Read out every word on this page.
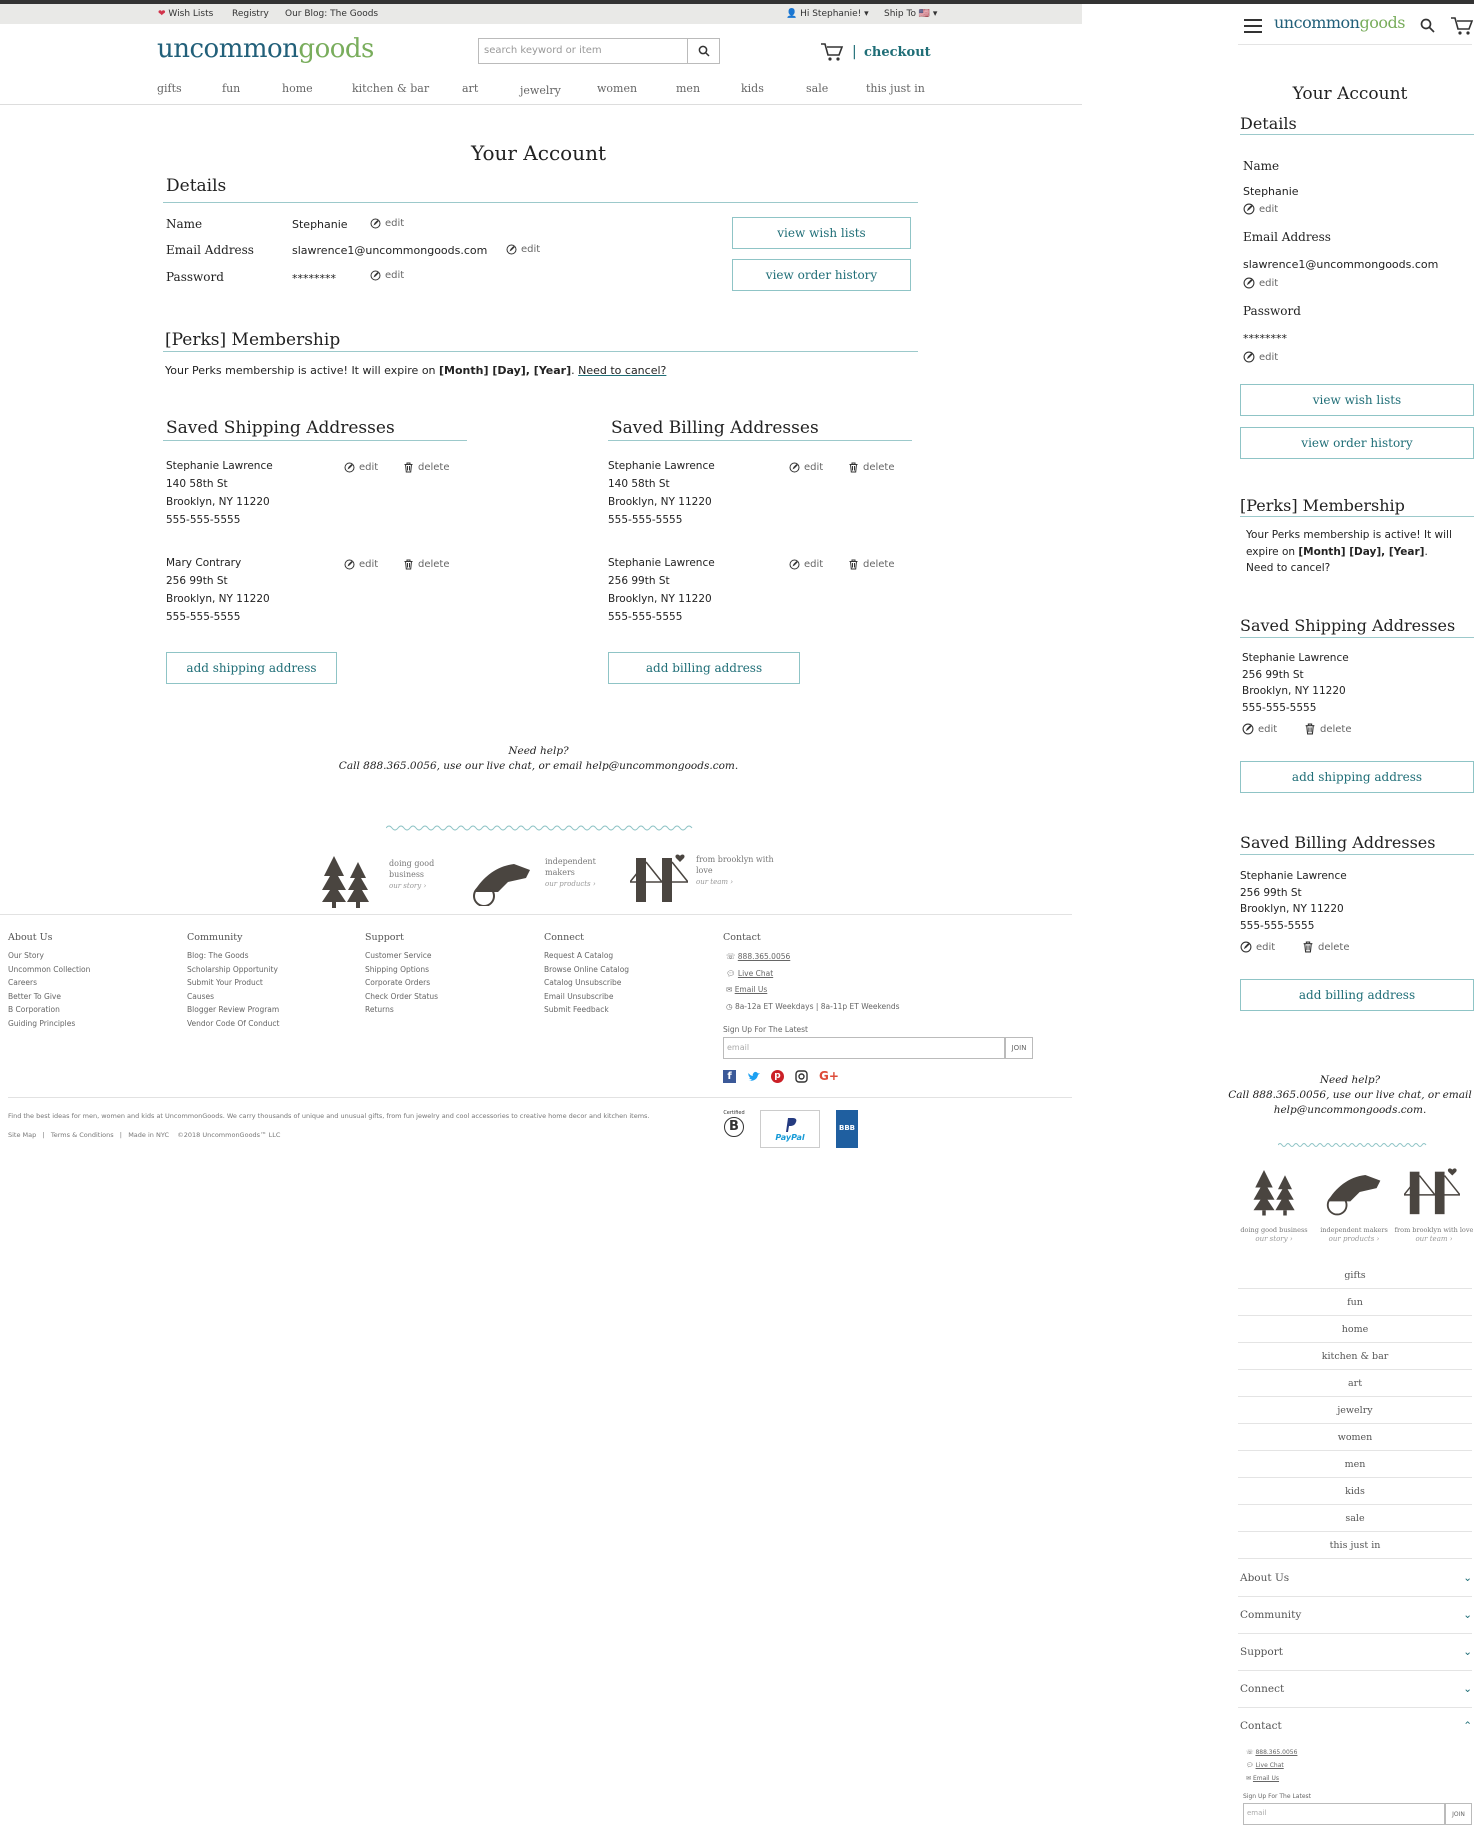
❤ Wish Lists Registry Our Blog: The Goods	👤 Hi Stephanie! ▾ Ship To 🇺🇸 ▾
uncommongoods	search keyword or item	| checkout
gifts	fun	home	kitchen & bar	art	jewelry	women	men	kids	sale	this just in
Your Account
Details
Name	Stephanie	edit
Email Address	slawrence1@uncommongoods.com	edit
Password	********	edit
view wish lists
view order history
[Perks] Membership
Your Perks membership is active! It will expire on [Month] [Day], [Year]. Need to cancel?
Saved Shipping Addresses	Saved Billing Addresses
Stephanie Lawrence
140 58th St
Brooklyn, NY 11220
555-555-5555
edit	delete
Mary Contrary
256 99th St
Brooklyn, NY 11220
555-555-5555
edit	delete
Stephanie Lawrence
140 58th St
Brooklyn, NY 11220
555-555-5555
edit	delete
Stephanie Lawrence
256 99th St
Brooklyn, NY 11220
555-555-5555
edit	delete
add shipping address	add billing address
Need help?
Call 888.365.0056, use our live chat, or email help@uncommongoods.com.
doing good business
our story ›
independent makers
our products ›
from brooklyn with love
our team ›
About Us
Our Story
Uncommon Collection
Careers
Better To Give
B Corporation
Guiding Principles
Community
Blog: The Goods
Scholarship Opportunity
Submit Your Product
Causes
Blogger Review Program
Vendor Code Of Conduct
Support
Customer Service
Shipping Options
Corporate Orders
Check Order Status
Returns
Connect
Request A Catalog
Browse Online Catalog
Catalog Unsubscribe
Email Unsubscribe
Submit Feedback
Contact
☏ 888.365.0056
💬︎ Live Chat
✉ Email Us
◷ 8a-12a ET Weekdays | 8a-11p ET Weekends
Sign Up For The Latest
email	JOIN
f	p	G+
Find the best ideas for men, women and kids at UncommonGoods. We carry thousands of unique and unusual gifts, from fun jewelry and cool accessories to creative home decor and kitchen items.
Site Map   |   Terms & Conditions   |   Made in NYC ©2018 UncommonGoods™ LLC
Certified
B
PayPal
BBB
uncommongoods
Your Account
Details
Name
Stephanie
edit
Email Address
slawrence1@uncommongoods.com
edit
Password
********
edit
view wish lists
view order history
[Perks] Membership
Your Perks membership is active! It will expire on [Month] [Day], [Year]. Need to cancel?
Saved Shipping Addresses
Stephanie Lawrence
256 99th St
Brooklyn, NY 11220
555-555-5555
edit	delete
add shipping address
Saved Billing Addresses
Stephanie Lawrence
256 99th St
Brooklyn, NY 11220
555-555-5555
edit	delete
add billing address
Need help?
Call 888.365.0056, use our live chat, or email
help@uncommongoods.com.
doing good business
our story ›
independent makers
our products ›
from brooklyn with love
our team ›
gifts
fun
home
kitchen & bar
art
jewelry
women
men
kids
sale
this just in
About Us	⌄
Community	⌄
Support	⌄
Connect	⌄
Contact	⌃
☏ 888.365.0056
💬︎ Live Chat
✉ Email Us
Sign Up For The Latest
email	JOIN
